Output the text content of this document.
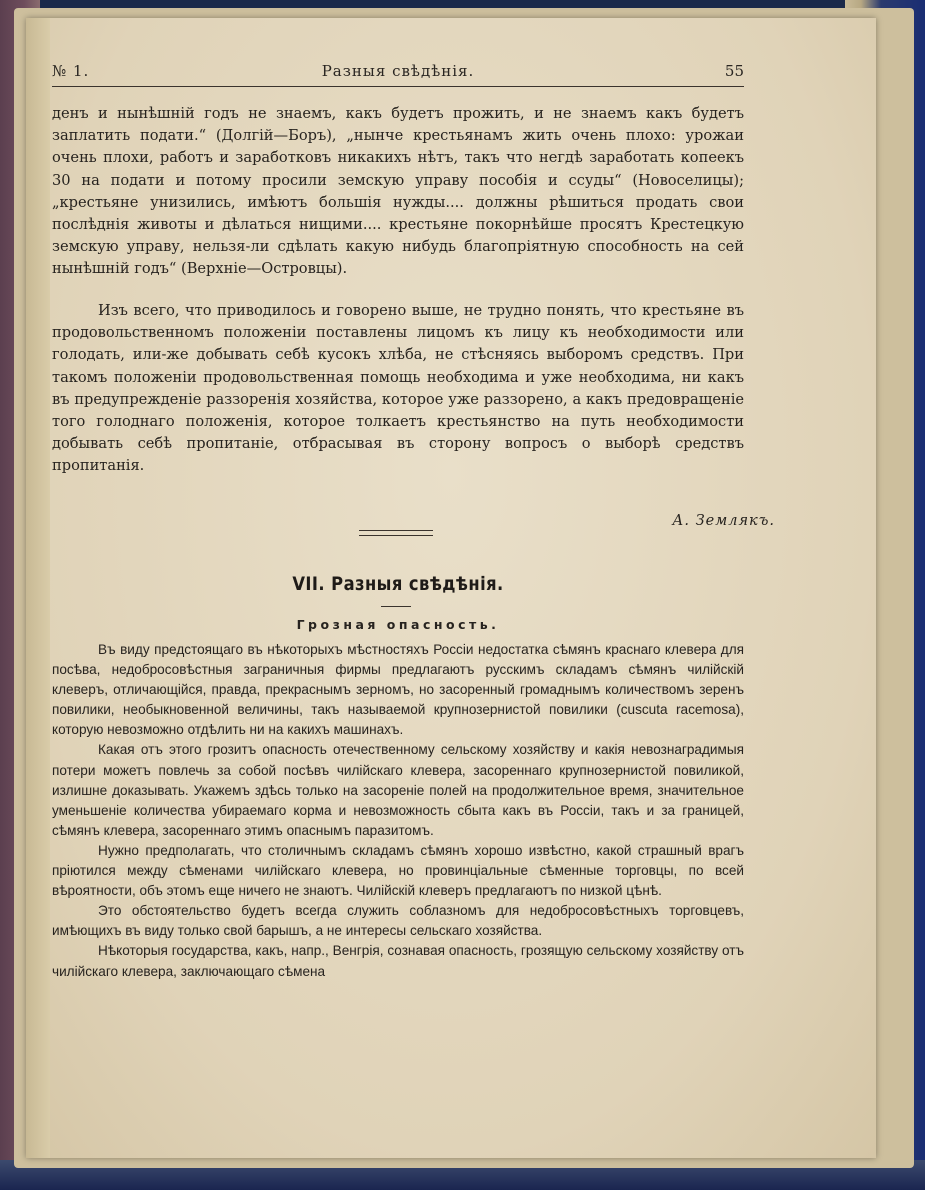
№ 1.	Разныя свѣдѣнія.	55
денъ и нынѣшній годъ не знаемъ, какъ будетъ прожить, и не знаемъ какъ будетъ заплатить подати.“ (Долгій—Боръ), „нынче крестьянамъ жить очень плохо: урожаи очень плохи, работъ и заработковъ никакихъ нѣтъ, такъ что негдѣ заработать копеекъ 30 на подати и потому просили земскую управу пособія и ссуды“ (Новоселицы); „крестьяне унизились, имѣютъ большія нужды.... должны рѣшиться продать свои послѣднія животы и дѣлаться нищими.... крестьяне покорнѣйше просятъ Крестецкую земскую управу, нельзя-ли сдѣлать какую нибудь благопріятную способность на сей нынѣшній годъ“ (Верхніе—Островцы).
Изъ всего, что приводилось и говорено выше, не трудно понять, что крестьяне въ продовольственномъ положеніи поставлены лицомъ къ лицу къ необходимости или голодать, или-же добывать себѣ кусокъ хлѣба, не стѣсняясь выборомъ средствъ. При такомъ положеніи продовольственная помощь необходима и уже необходима, ни какъ въ предупрежденіе раззоренія хозяйства, которое уже раззорено, а какъ предовращеніе того голоднаго положенія, которое толкаетъ крестьянство на путь необходимости добывать себѣ пропитаніе, отбрасывая въ сторону вопросъ о выборѣ средствъ пропитанія.
А. Землякъ.
VII. Разныя свѣдѣнія.
Грозная опасность.

Въ виду предстоящаго въ нѣкоторыхъ мѣстностяхъ Россіи недостатка сѣмянъ краснаго клевера для посѣва, недобросовѣстныя заграничныя фирмы предлагаютъ русскимъ складамъ сѣмянъ чилійскій клеверъ, отличающійся, правда, прекраснымъ зерномъ, но засоренный громаднымъ количествомъ зеренъ повилики, необыкновенной величины, такъ называемой крупнозернистой повилики (cuscuta racemosa), которую невозможно отдѣлить ни на какихъ машинахъ.

Какая отъ этого грозитъ опасность отечественному сельскому хозяйству и какія невознаградимыя потери можетъ повлечь за собой посѣвъ чилійскаго клевера, засореннаго крупнозернистой повиликой, излишне доказывать. Укажемъ здѣсь только на засореніе полей на продолжительное время, значительное уменьшеніе количества убираемаго корма и невозможность сбыта какъ въ Россіи, такъ и за границей, сѣмянъ клевера, засореннаго этимъ опаснымъ паразитомъ.

Нужно предполагать, что столичнымъ складамъ сѣмянъ хорошо извѣстно, какой страшный врагъ пріютился между сѣменами чилійскаго клевера, но провинціальные сѣменные торговцы, по всей вѣроятности, объ этомъ еще ничего не знаютъ. Чилійскій клеверъ предлагаютъ по низкой цѣнѣ.

Это обстоятельство будетъ всегда служить соблазномъ для недобросовѣстныхъ торговцевъ, имѣющихъ въ виду только свой барышъ, а не интересы сельскаго хозяйства.

Нѣкоторыя государства, какъ, напр., Венгрія, сознавая опасность, грозящую сельскому хозяйству отъ чилійскаго клевера, заключающаго сѣмена
